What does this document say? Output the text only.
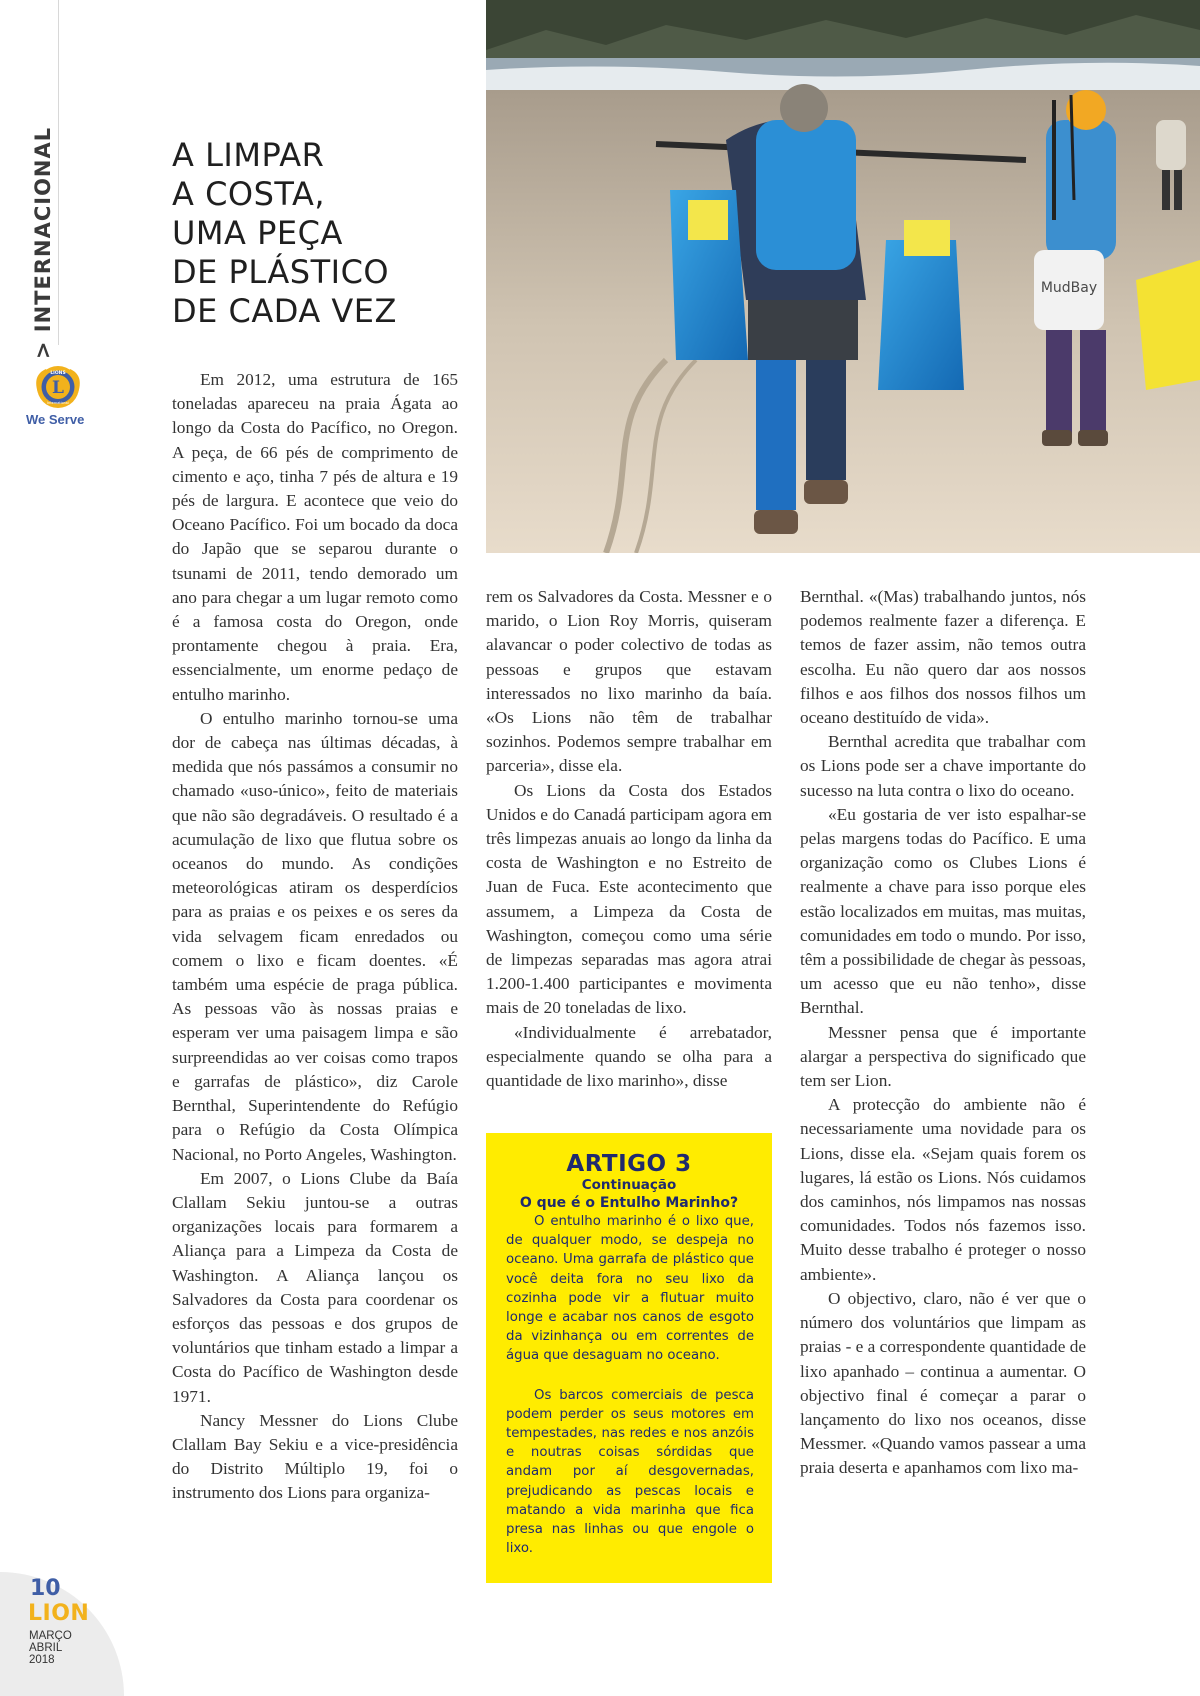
> INTERNACIONAL
L
LIONS
International
We Serve
A LIMPAR
A COSTA,
UMA PEÇA
DE PLÁSTICO
DE CADA VEZ
MudBay

Em 2012, uma estrutura de 165 toneladas apareceu na praia Ágata ao longo da Costa do Pacífico, no Oregon. A peça, de 66 pés de comprimento de cimento e aço, tinha 7 pés de altura e 19 pés de largura. E acontece que veio do Oceano Pacífico. Foi um bocado da doca do Japão que se separou durante o tsunami de 2011, tendo demorado um ano para chegar a um lugar remoto como é a famosa costa do Oregon, onde prontamente chegou à praia. Era, essencialmente, um enorme pedaço de entulho marinho.

O entulho marinho tornou-se uma dor de cabeça nas últimas décadas, à medida que nós passámos a consumir no chamado «uso-único», feito de materiais que não são degradáveis. O resultado é a acumulação de lixo que flutua sobre os oceanos do mundo. As condições meteorológicas atiram os desperdícios para as praias e os peixes e os seres da vida selvagem ficam enredados ou comem o lixo e ficam doentes. «É também uma espécie de praga pública. As pessoas vão às nossas praias e esperam ver uma paisagem limpa e são surpreendidas ao ver coisas como trapos e garrafas de plástico», diz Carole Bernthal, Superintendente do Refúgio para o Refúgio da Costa Olímpica Nacional, no Porto Angeles, Washington.

Em 2007, o Lions Clube da Baía Clallam Sekiu juntou-se a outras organizações locais para formarem a Aliança para a Limpeza da Costa de Washington. A Aliança lançou os Salvadores da Costa para coordenar os esforços das pessoas e dos grupos de voluntários que tinham estado a limpar a Costa do Pacífico de Washington desde 1971.

Nancy Messner do Lions Clube Clallam Bay Sekiu e a vice-presidência do Distrito Múltiplo 19, foi o instrumento dos Lions para organiza-

rem os Salvadores da Costa. Messner e o marido, o Lion Roy Morris, quiseram alavancar o poder colectivo de todas as pessoas e grupos que estavam interessados no lixo marinho da baía. «Os Lions não têm de trabalhar sozinhos. Podemos sempre trabalhar em parceria», disse ela.

Os Lions da Costa dos Estados Unidos e do Canadá participam agora em três limpezas anuais ao longo da linha da costa de Washington e no Estreito de Juan de Fuca. Este acontecimento que assumem, a Limpeza da Costa de Washington, começou como uma série de limpezas separadas mas agora atrai 1.200-1.400 participantes e movimenta mais de 20 toneladas de lixo.

«Individualmente é arrebatador, especialmente quando se olha para a quantidade de lixo marinho», disse

ARTIGO 3
Continuação
O que é o Entulho Marinho?

O entulho marinho é o lixo que, de qualquer modo, se despeja no oceano. Uma garrafa de plástico que você deita fora no seu lixo da cozinha pode vir a flutuar muito longe e acabar nos canos de esgoto da vizinhança ou em correntes de água que desaguam no oceano.

Os barcos comerciais de pesca podem perder os seus motores em tempestades, nas redes e nos anzóis e noutras coisas sórdidas que andam por aí desgovernadas, prejudicando as pescas locais e matando a vida marinha que fica presa nas linhas ou que engole o lixo.

Bernthal. «(Mas) trabalhando juntos, nós podemos realmente fazer a diferença. E temos de fazer assim, não temos outra escolha. Eu não quero dar aos nossos filhos e aos filhos dos nossos filhos um oceano destituído de vida».

Bernthal acredita que trabalhar com os Lions pode ser a chave importante do sucesso na luta contra o lixo do oceano.

«Eu gostaria de ver isto espalhar-se pelas margens todas do Pacífico. E uma organização como os Clubes Lions é realmente a chave para isso porque eles estão localizados em muitas, mas muitas, comunidades em todo o mundo. Por isso, têm a possibilidade de chegar às pessoas, um acesso que eu não tenho», disse Bernthal.

Messner pensa que é importante alargar a perspectiva do significado que tem ser Lion.

A protecção do ambiente não é necessariamente uma novidade para os Lions, disse ela. «Sejam quais forem os lugares, lá estão os Lions. Nós cuidamos dos caminhos, nós limpamos nas nossas comunidades. Todos nós fazemos isso. Muito desse trabalho é proteger o nosso ambiente».

O objectivo, claro, não é ver que o número dos voluntários que limpam as praias - e a correspondente quantidade de lixo apanhado – continua a aumentar. O objectivo final é começar a parar o lançamento do lixo nos oceanos, disse Messmer. «Quando vamos passear a uma praia deserta e apanhamos com lixo ma-

10
LION
MARÇO
ABRIL
2018
